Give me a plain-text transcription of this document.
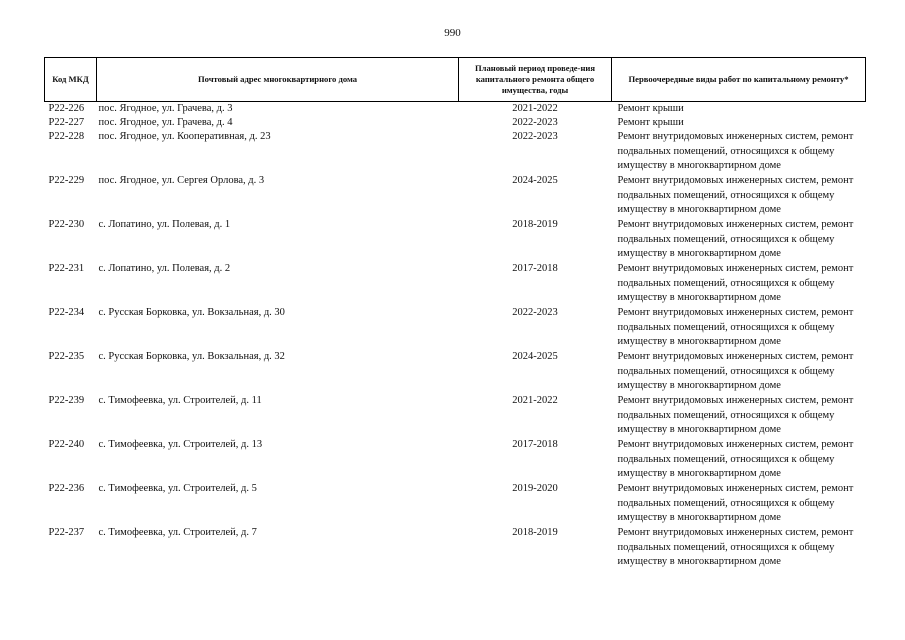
990
Код МКД	Почтовый адрес многоквартирного дома	Плановый период проведе-ния капитального ремонта общего имущества, годы	Первоочередные виды работ по капитальному ремонту*
Р22-226	пос. Ягодное, ул. Грачева, д. 3	2021-2022	Ремонт крыши
Р22-227	пос. Ягодное, ул. Грачева, д. 4	2022-2023	Ремонт крыши
Р22-228	пос. Ягодное, ул. Кооперативная, д. 23	2022-2023	Ремонт внутридомовых инженерных систем, ремонт подвальных помещений, относящихся к общему имуществу в многоквартирном доме
Р22-229	пос. Ягодное, ул. Сергея Орлова, д. 3	2024-2025	Ремонт внутридомовых инженерных систем, ремонт подвальных помещений, относящихся к общему имуществу в многоквартирном доме
Р22-230	с. Лопатино, ул. Полевая, д. 1	2018-2019	Ремонт внутридомовых инженерных систем, ремонт подвальных помещений, относящихся к общему имуществу в многоквартирном доме
Р22-231	с. Лопатино, ул. Полевая, д. 2	2017-2018	Ремонт внутридомовых инженерных систем, ремонт подвальных помещений, относящихся к общему имуществу в многоквартирном доме
Р22-234	с. Русская Борковка, ул. Вокзальная, д. 30	2022-2023	Ремонт внутридомовых инженерных систем, ремонт подвальных помещений, относящихся к общему имуществу в многоквартирном доме
Р22-235	с. Русская Борковка, ул. Вокзальная, д. 32	2024-2025	Ремонт внутридомовых инженерных систем, ремонт подвальных помещений, относящихся к общему имуществу в многоквартирном доме
Р22-239	с. Тимофеевка, ул. Строителей, д. 11	2021-2022	Ремонт внутридомовых инженерных систем, ремонт подвальных помещений, относящихся к общему имуществу в многоквартирном доме
Р22-240	с. Тимофеевка, ул. Строителей, д. 13	2017-2018	Ремонт внутридомовых инженерных систем, ремонт подвальных помещений, относящихся к общему имуществу в многоквартирном доме
Р22-236	с. Тимофеевка, ул. Строителей, д. 5	2019-2020	Ремонт внутридомовых инженерных систем, ремонт подвальных помещений, относящихся к общему имуществу в многоквартирном доме
Р22-237	с. Тимофеевка, ул. Строителей, д. 7	2018-2019	Ремонт внутридомовых инженерных систем, ремонт подвальных помещений, относящихся к общему имуществу в многоквартирном доме
